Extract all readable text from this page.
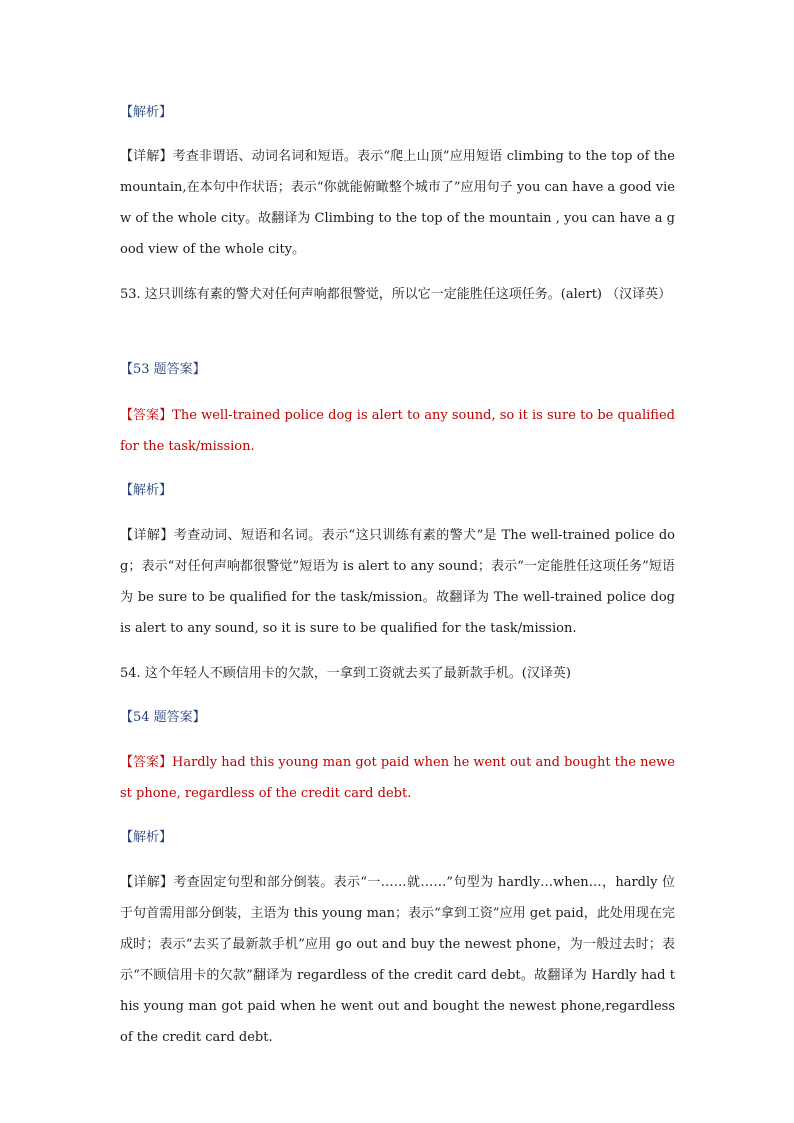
【解析】
【详解】考查非谓语、动词名词和短语。表示“爬上山顶”应用短语 climbing to the top of the mountain,在本句中作状语；表示“你就能俯瞰整个城市了”应用句子 you can have a good view of the whole city。故翻译为 Climbing to the top of the mountain , you can have a good view of the whole city。
53. 这只训练有素的警犬对任何声响都很警觉，所以它一定能胜任这项任务。(alert) （汉译英）
【53 题答案】
【答案】The well-trained police dog is alert to any sound, so it is sure to be qualified for the task/mission.
【解析】
【详解】考查动词、短语和名词。表示“这只训练有素的警犬”是 The well-trained police dog；表示“对任何声响都很警觉”短语为 is alert to any sound；表示“一定能胜任这项任务”短语为 be sure to be qualified for the task/mission。故翻译为 The well-trained police dog is alert to any sound, so it is sure to be qualified for the task/mission.
54. 这个年轻人不顾信用卡的欠款，一拿到工资就去买了最新款手机。(汉译英)
【54 题答案】
【答案】Hardly had this young man got paid when he went out and bought the newest phone, regardless of the credit card debt.
【解析】
【详解】考查固定句型和部分倒装。表示“一……就……”句型为 hardly…when…，hardly 位于句首需用部分倒装，主语为 this young man；表示“拿到工资”应用 get paid，此处用现在完成时；表示“去买了最新款手机”应用 go out and buy the newest phone，为一般过去时；表示“不顾信用卡的欠款”翻译为 regardless of the credit card debt。故翻译为 Hardly had this young man got paid when he went out and bought the newest phone,regardless of the credit card debt.
